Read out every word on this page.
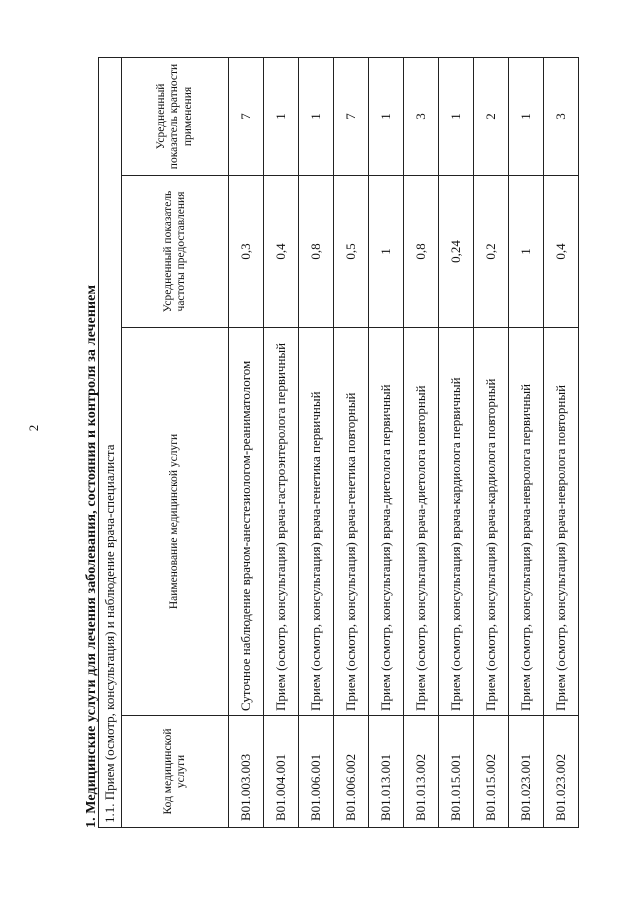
2	1. Медицинские услуги для лечения заболевания, состояния и контроля за лечением 1.1. Прием (осмотр, консультация) и наблюдение врача-специалиста			
Код медицинской услуги	Наименование медицинской услуги	Усредненный показатель частоты предоставления	Усредненный показатель кратности применения
B01.003.003	Суточное наблюдение врачом-анестезиологом-реаниматологом	0,3	7
B01.004.001	Прием (осмотр, консультация) врача-гастроэнтеролога первичный	0,4	1
B01.006.001	Прием (осмотр, консультация) врача-генетика первичный	0,8	1
B01.006.002	Прием (осмотр, консультация) врача-генетика повторный	0,5	7
B01.013.001	Прием (осмотр, консультация) врача-диетолога первичный	1	1
B01.013.002	Прием (осмотр, консультация) врача-диетолога повторный	0,8	3
B01.015.001	Прием (осмотр, консультация) врача-кардиолога первичный	0,24	1
B01.015.002	Прием (осмотр, консультация) врача-кардиолога повторный	0,2	2
B01.023.001	Прием (осмотр, консультация) врача-невролога первичный	1	1
B01.023.002	Прием (осмотр, консультация) врача-невролога повторный	0,4	3
